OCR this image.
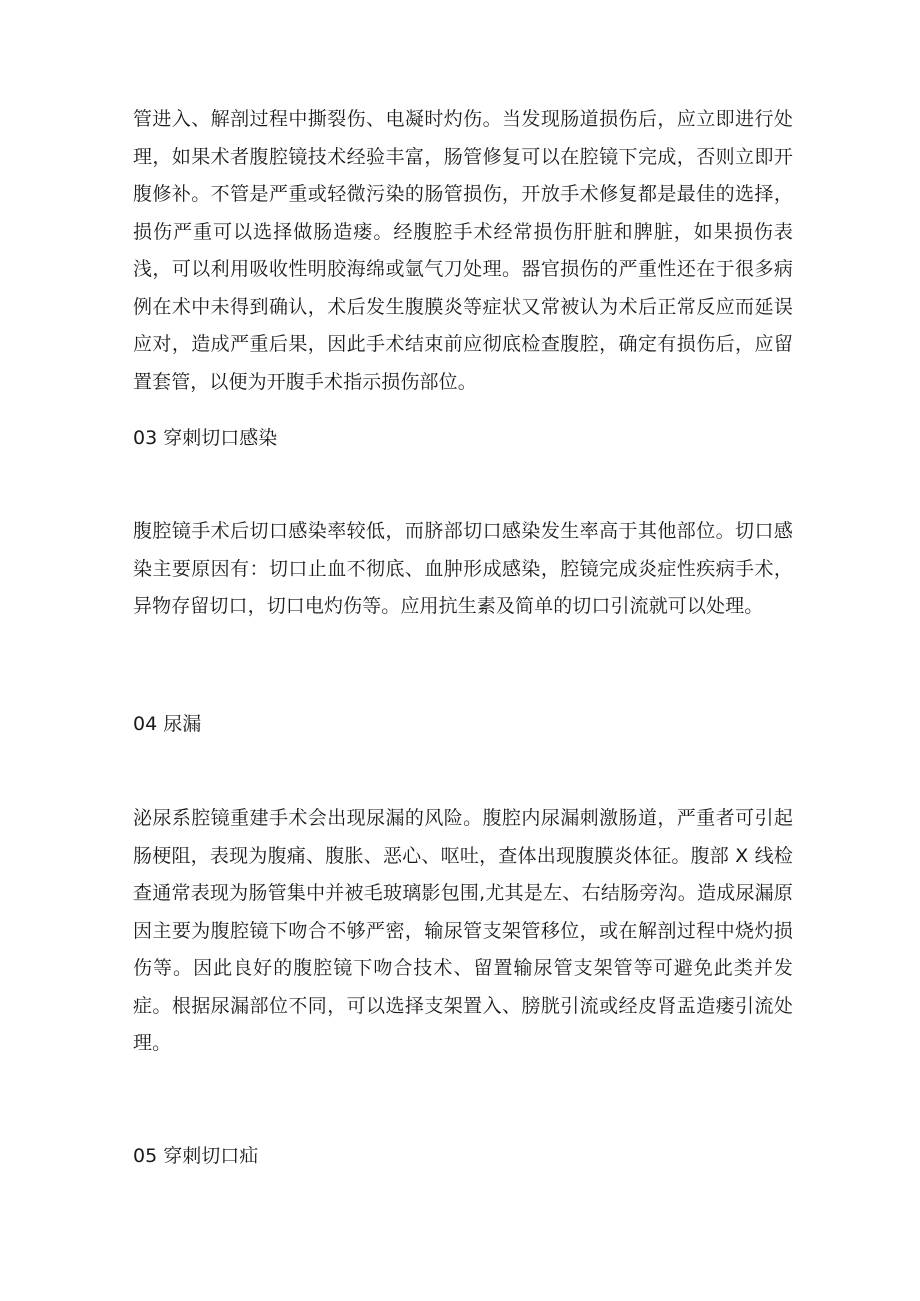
管进入、解剖过程中撕裂伤、电凝时灼伤。当发现肠道损伤后，应立即进行处理，如果术者腹腔镜技术经验丰富，肠管修复可以在腔镜下完成，否则立即开腹修补。不管是严重或轻微污染的肠管损伤，开放手术修复都是最佳的选择，损伤严重可以选择做肠造瘘。经腹腔手术经常损伤肝脏和脾脏，如果损伤表浅，可以利用吸收性明胶海绵或氩气刀处理。器官损伤的严重性还在于很多病例在术中未得到确认，术后发生腹膜炎等症状又常被认为术后正常反应而延误应对，造成严重后果，因此手术结束前应彻底检查腹腔，确定有损伤后，应留置套管，以便为开腹手术指示损伤部位。

03 穿刺切口感染

腹腔镜手术后切口感染率较低，而脐部切口感染发生率高于其他部位。切口感染主要原因有：切口止血不彻底、血肿形成感染，腔镜完成炎症性疾病手术，异物存留切口，切口电灼伤等。应用抗生素及简单的切口引流就可以处理。

04 尿漏

泌尿系腔镜重建手术会出现尿漏的风险。腹腔内尿漏刺激肠道，严重者可引起肠梗阻，表现为腹痛、腹胀、恶心、呕吐，查体出现腹膜炎体征。腹部 X 线检查通常表现为肠管集中并被毛玻璃影包围,尤其是左、右结肠旁沟。造成尿漏原因主要为腹腔镜下吻合不够严密，输尿管支架管移位，或在解剖过程中烧灼损伤等。因此良好的腹腔镜下吻合技术、留置输尿管支架管等可避免此类并发症。根据尿漏部位不同，可以选择支架置入、膀胱引流或经皮肾盂造瘘引流处理。

05 穿刺切口疝
